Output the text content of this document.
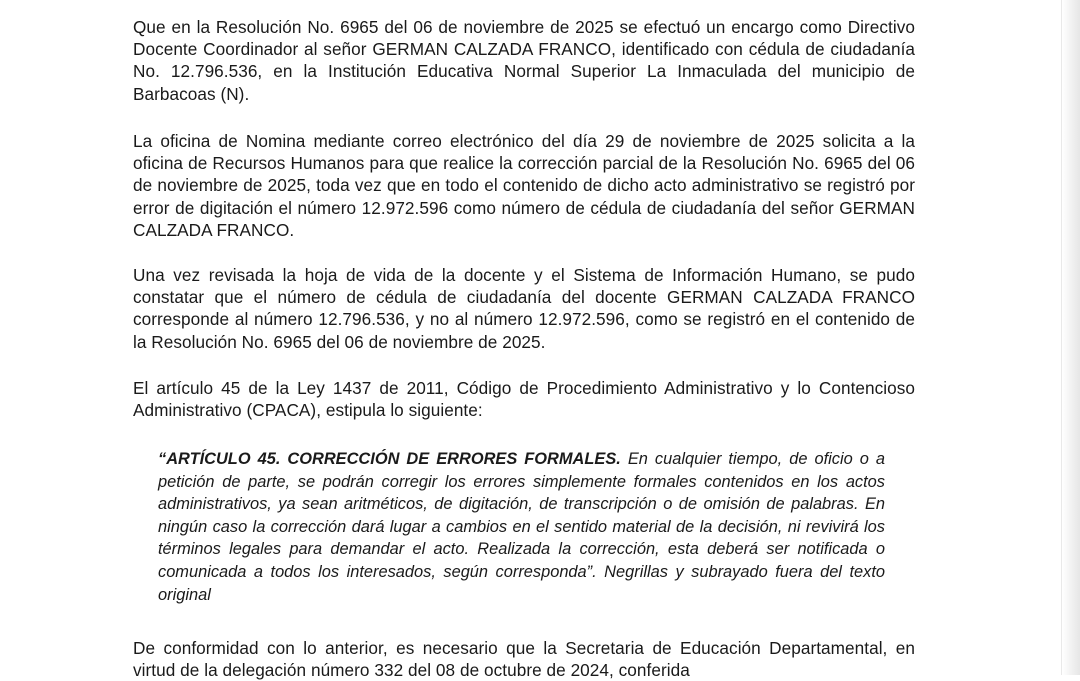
Que en la Resolución No. 6965 del 06 de noviembre de 2025 se efectuó un encargo como Directivo Docente Coordinador al señor GERMAN CALZADA FRANCO, identificado con cédula de ciudadanía No. 12.796.536, en la Institución Educativa Normal Superior La Inmaculada del municipio de Barbacoas (N).

La oficina de Nomina mediante correo electrónico del día 29 de noviembre de 2025 solicita a la oficina de Recursos Humanos para que realice la corrección parcial de la Resolución No. 6965 del 06 de noviembre de 2025, toda vez que en todo el contenido de dicho acto administrativo se registró por error de digitación el número 12.972.596 como número de cédula de ciudadanía del señor GERMAN CALZADA FRANCO.

Una vez revisada la hoja de vida de la docente y el Sistema de Información Humano, se pudo constatar que el número de cédula de ciudadanía del docente GERMAN CALZADA FRANCO corresponde al número 12.796.536, y no al número 12.972.596, como se registró en el contenido de la Resolución No. 6965 del 06 de noviembre de 2025.

El artículo 45 de la Ley 1437 de 2011, Código de Procedimiento Administrativo y lo Contencioso Administrativo (CPACA), estipula lo siguiente:

“ARTÍCULO 45. CORRECCIÓN DE ERRORES FORMALES. En cualquier tiempo, de oficio o a petición de parte, se podrán corregir los errores simplemente formales contenidos en los actos administrativos, ya sean aritméticos, de digitación, de transcripción o de omisión de palabras. En ningún caso la corrección dará lugar a cambios en el sentido material de la decisión, ni revivirá los términos legales para demandar el acto. Realizada la corrección, esta deberá ser notificada o comunicada a todos los interesados, según corresponda”. Negrillas y subrayado fuera del texto original

De conformidad con lo anterior, es necesario que la Secretaria de Educación Departamental, en virtud de la delegación número 332 del 08 de octubre de 2024, conferida
